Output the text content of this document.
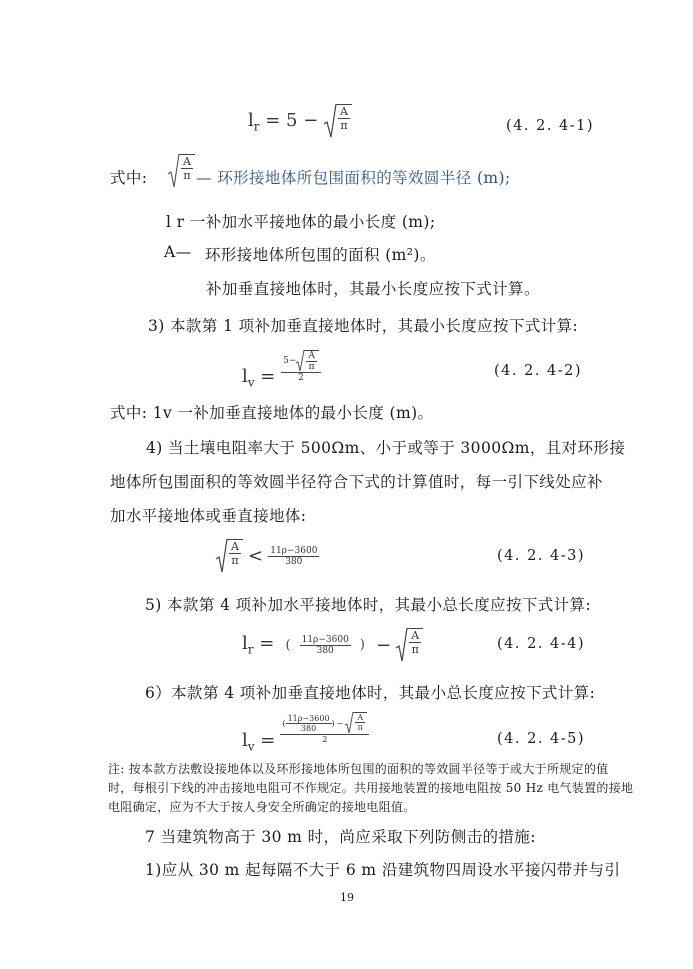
$l_r = 5 - \frac{A}{\pi}$	(4. 2. 4-1)
式中:	$\frac{A}{\pi}$ — 环形接地体所包围面积的等效圆半径 (m);
l r 一补加水平接地体的最小长度 (m);
A— 环形接地体所包围的面积 (m²)。
补加垂直接地体时，其最小长度应按下式计算。
3) 本款第 1 项补加垂直接地体时，其最小长度应按下式计算:
$l_v = \frac{5- \frac{A}{\pi}}{2}$	(4. 2. 4-2)
式中: 1v 一补加垂直接地体的最小长度 (m)。
4) 当土壤电阻率大于 500Ωm、小于或等于 3000Ωm，且对环形接
地体所包围面积的等效圆半径符合下式的计算值时，每一引下线处应补
加水平接地体或垂直接地体:
$\frac{A}{\pi} < \frac{11\rho-3600}{380}$	(4. 2. 4-3)
5) 本款第 4 项补加水平接地体时，其最小总长度应按下式计算:
$l_r$ = ( $\frac{11\rho-3600}{380}$ ) − $\frac{A}{\pi}$	(4. 2. 4-4)
6）本款第 4 项补加垂直接地体时，其最小总长度应按下式计算:
$l_v$ =
( $\frac{11\rho-3600}{380}$ ) − $\frac{A}{\pi}$
2	(4. 2. 4-5)
注: 按本款方法敷设接地体以及环形接地体所包围的面积的等效圆半径等于或大于所规定的值
时，每根引下线的冲击接地电阻可不作规定。共用接地装置的接地电阻按 50 Hz 电气装置的接地
电阻确定，应为不大于按人身安全所确定的接地电阻值。
7 当建筑物高于 30 m 时，尚应采取下列防侧击的措施:
1)应从 30 m 起每隔不大于 6 m 沿建筑物四周设水平接闪带并与引
19
